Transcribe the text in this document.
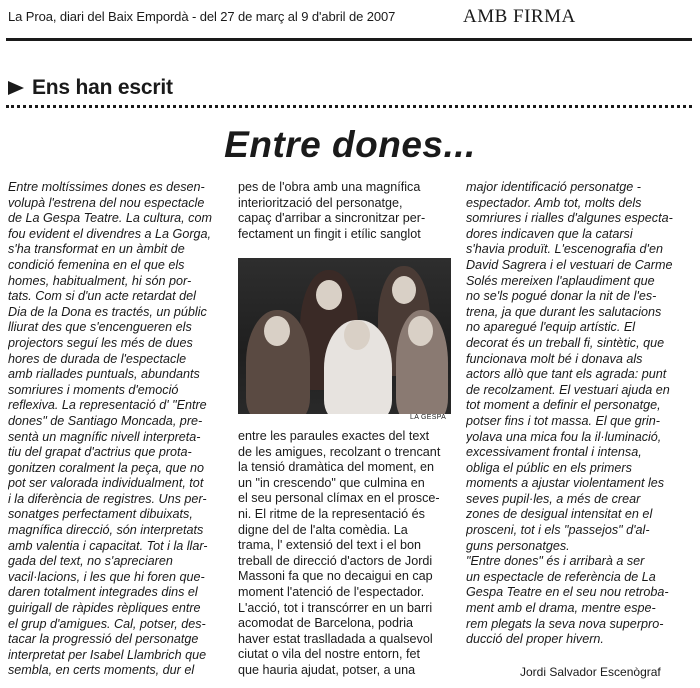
La Proa, diari del Baix Empordà - del 27 de març al 9 d'abril de 2007	AMB FIRMA
Ens han escrit
Entre dones...
Entre moltíssimes dones es desen-
volupà l'estrena del nou espectacle
de La Gespa Teatre. La cultura, com
fou evident el divendres a La Gorga,
s'ha transformat en un àmbit de
condició femenina en el que els
homes, habitualment, hi són por-
tats. Com si d'un acte retardat del
Dia de la Dona es tractés, un públic
lliurat des que s'encengueren els
projectors seguí les més de dues
hores de durada de l'espectacle
amb riallades puntuals, abundants
somriures i moments d'emoció
reflexiva. La representació d' "Entre
dones" de Santiago Moncada, pre-
sentà un magnífic nivell interpreta-
tiu del grapat d'actrius que prota-
gonitzen coralment la peça, que no
pot ser valorada individualment, tot
i la diferència de registres. Uns per-
sonatges perfectament dibuixats,
magnífica direcció, són interpretats
amb valentia i capacitat. Tot i la llar-
gada del text, no s'apreciaren
vacil·lacions, i les que hi foren que-
daren totalment integrades dins el
guirigall de ràpides rèpliques entre
el grup d'amigues. Cal, potser, des-
tacar la progressió del personatge
interpretat per Isabel Llambrich que
sembla, en certs moments, dur el
pes de l'obra amb una magnífica
interiorització del personatge,
capaç d'arribar a sincronitzar per-
fectament un fingit i etílic sanglot
LA GESPA
entre les paraules exactes del text
de les amigues, recolzant o trencant
la tensió dramàtica del moment, en
un "in crescendo" que culmina en
el seu personal clímax en el prosce-
ni. El ritme de la representació és
digne del de l'alta comèdia. La
trama, l' extensió del text i el bon
treball de direcció d'actors de Jordi
Massoni fa que no decaigui en cap
moment l'atenció de l'espectador.
L'acció, tot i transcórrer en un barri
acomodat de Barcelona, podria
haver estat traslladada a qualsevol
ciutat o vila del nostre entorn, fet
que hauria ajudat, potser, a una
major identificació personatge -
espectador. Amb tot, molts dels
somriures i rialles d'algunes especta-
dores indicaven que la catarsi
s'havia produït. L'escenografia d'en
David Sagrera i el vestuari de Carme
Solés mereixen l'aplaudiment que
no se'ls pogué donar la nit de l'es-
trena, ja que durant les salutacions
no aparegué l'equip artístic. El
decorat és un treball fi, sintètic, que
funcionava molt bé i donava als
actors allò que tant els agrada: punt
de recolzament. El vestuari ajuda en
tot moment a definir el personatge,
potser fins i tot massa. El que grin-
yolava una mica fou la il·luminació,
excessivament frontal i intensa,
obliga el públic en els primers
moments a ajustar violentament les
seves pupil·les, a més de crear
zones de desigual intensitat en el
prosceni, tot i els "passejos" d'al-
guns personatges.
"Entre dones" és i arribarà a ser
un espectacle de referència de La
Gespa Teatre en el seu nou retroba-
ment amb el drama, mentre espe-
rem plegats la seva nova superpro-
ducció del proper hivern.
Jordi Salvador Escenògraf
